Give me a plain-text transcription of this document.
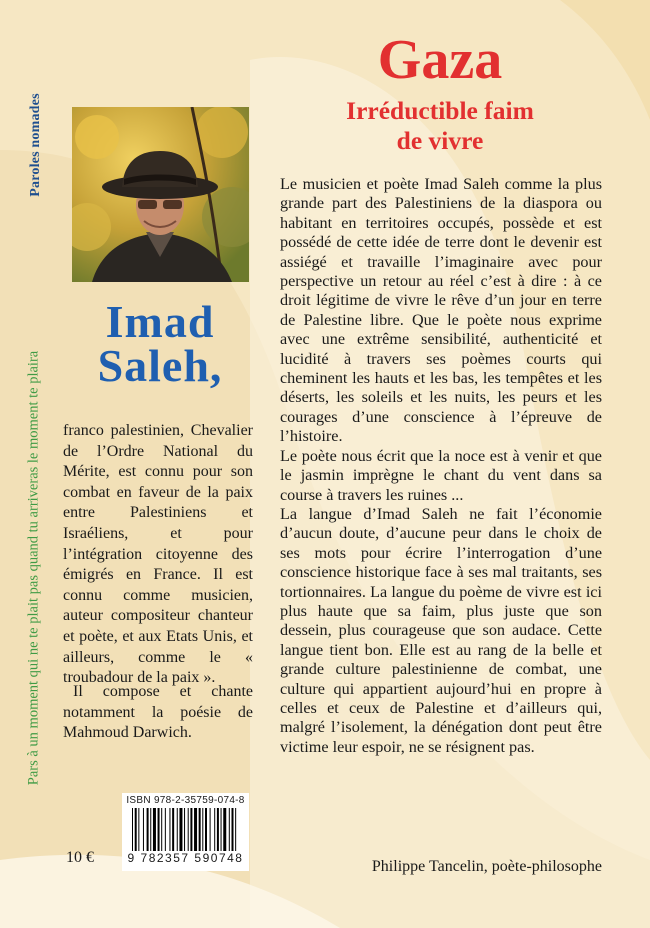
Paroles nomades
Pars à un moment qui ne te plait pas quand tu arriveras le moment te plaira
Imad
Saleh,
franco palestinien, Chevalier de l’Ordre National du Mérite, est connu pour son combat en faveur de la paix entre Palestiniens et Israéliens, et pour l’intégration citoyenne des émigrés en France. Il est connu comme musicien, auteur compositeur chanteur et poète, et aux Etats Unis, et ailleurs, comme le « troubadour de la paix ».

Il compose et chante notamment la poésie de Mahmoud Darwich.

ISBN 978-2-35759-074-8
9 782357 590748
10 €
Gaza
Irréductible faim
de vivre

Le musicien et poète Imad Saleh comme la plus grande part des Palestiniens de la diaspora ou habitant en territoires occupés, possède et est possédé de cette idée de terre dont le devenir est assiégé et travaille l’imaginaire avec pour perspective un retour au réel c’est à dire : à ce droit légitime de vivre le rêve d’un jour en terre de Palestine libre. Que le poète nous exprime avec une extrême sensibilité, authenticité et lucidité à travers ses poèmes courts qui cheminent les hauts et les bas, les tempêtes et les déserts, les soleils et les nuits, les peurs et les courages d’une conscience à l’épreuve de l’histoire.

Le poète nous écrit que la noce est à venir et que le jasmin imprègne le chant du vent dans sa course à travers les ruines ...

La langue d’Imad Saleh ne fait l’économie d’aucun doute, d’aucune peur dans le choix de ses mots pour écrire l’interrogation d’une conscience historique face à ses mal traitants, ses tortionnaires. La langue du poème de vivre est ici plus haute que sa faim, plus juste que son dessein, plus courageuse que son audace. Cette langue tient bon. Elle est au rang de la belle et grande culture palestinienne de combat, une culture qui appartient aujourd’hui en propre à celles et ceux de Palestine et d’ailleurs qui, malgré l’isolement, la dénégation dont peut être victime leur espoir, ne se résignent pas.

Philippe Tancelin, poète-philosophe
